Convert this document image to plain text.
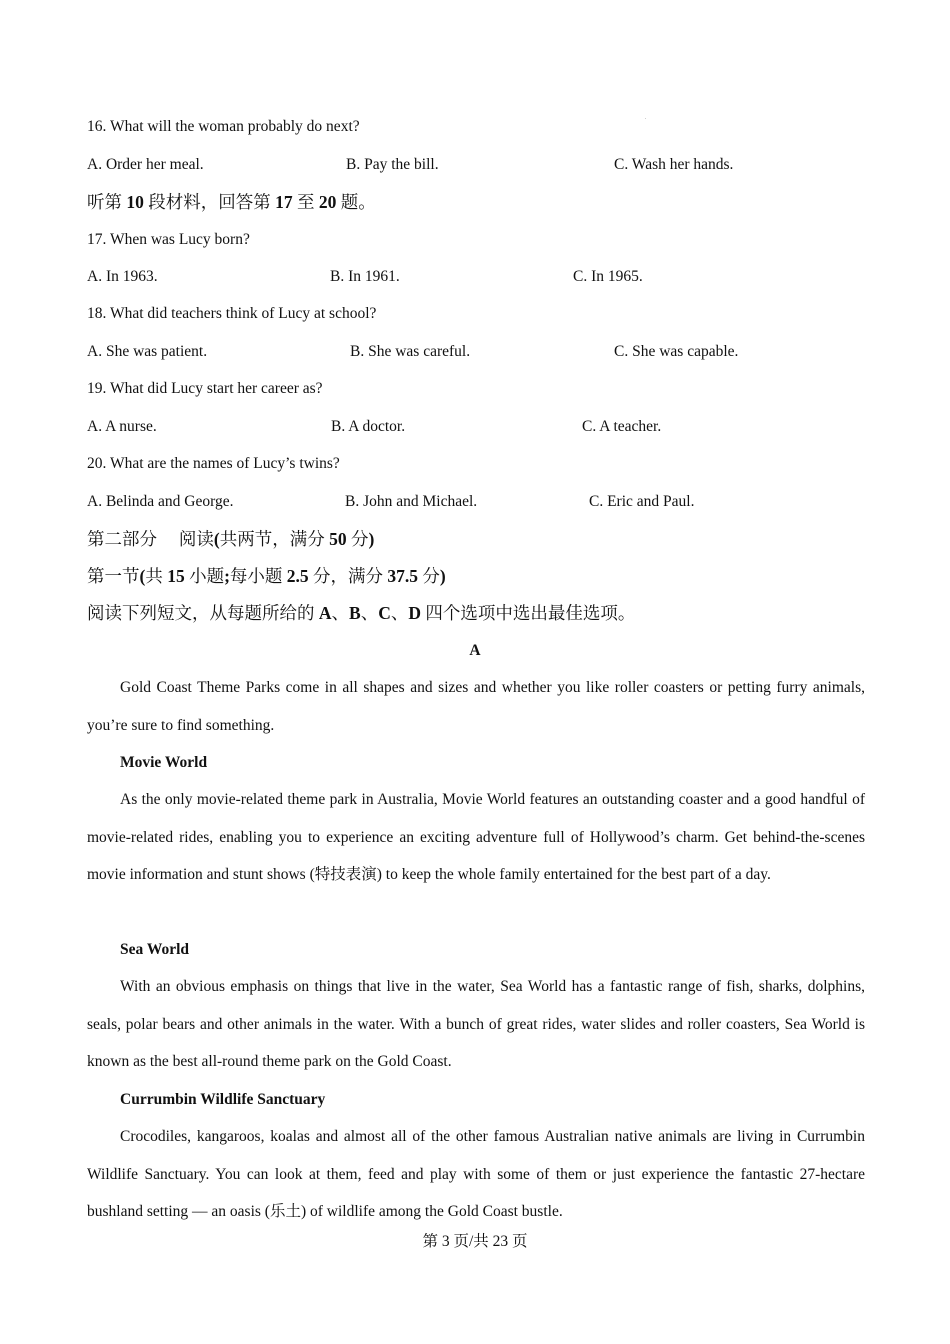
16. What will the woman probably do next?
A. Order her meal.	B. Pay the bill.	C. Wash her hands.
听第 10 段材料，回答第 17 至 20 题。
17. When was Lucy born?
A. In 1963.	B. In 1961.	C. In 1965.
18. What did teachers think of Lucy at school?
A. She was patient.	B. She was careful.	C. She was capable.
19. What did Lucy start her career as?
A. A nurse.	B. A doctor.	C. A teacher.
20. What are the names of Lucy’s twins?
A. Belinda and George.	B. John and Michael.	C. Eric and Paul.
第二部分　 阅读(共两节，满分 50 分)
第一节(共 15 小题;每小题 2.5 分，满分 37.5 分)
阅读下列短文，从每题所给的 A、B、C、D 四个选项中选出最佳选项。
A
Gold Coast Theme Parks come in all shapes and sizes and whether you like roller coasters or petting furry animals, you’re sure to find something.
Movie World
As the only movie-related theme park in Australia, Movie World features an outstanding coaster and a good handful of movie-related rides, enabling you to experience an exciting adventure full of Hollywood’s charm. Get behind-the-scenes movie information and stunt shows (特技表演) to keep the whole family entertained for the best part of a day.
Sea World
With an obvious emphasis on things that live in the water, Sea World has a fantastic range of fish, sharks, dolphins, seals, polar bears and other animals in the water. With a bunch of great rides, water slides and roller coasters, Sea World is known as the best all-round theme park on the Gold Coast.
Currumbin Wildlife Sanctuary
Crocodiles, kangaroos, koalas and almost all of the other famous Australian native animals are living in Currumbin Wildlife Sanctuary. You can look at them, feed and play with some of them or just experience the fantastic 27-hectare bushland setting — an oasis (乐土) of wildlife among the Gold Coast bustle.
第 3 页/共 23 页
